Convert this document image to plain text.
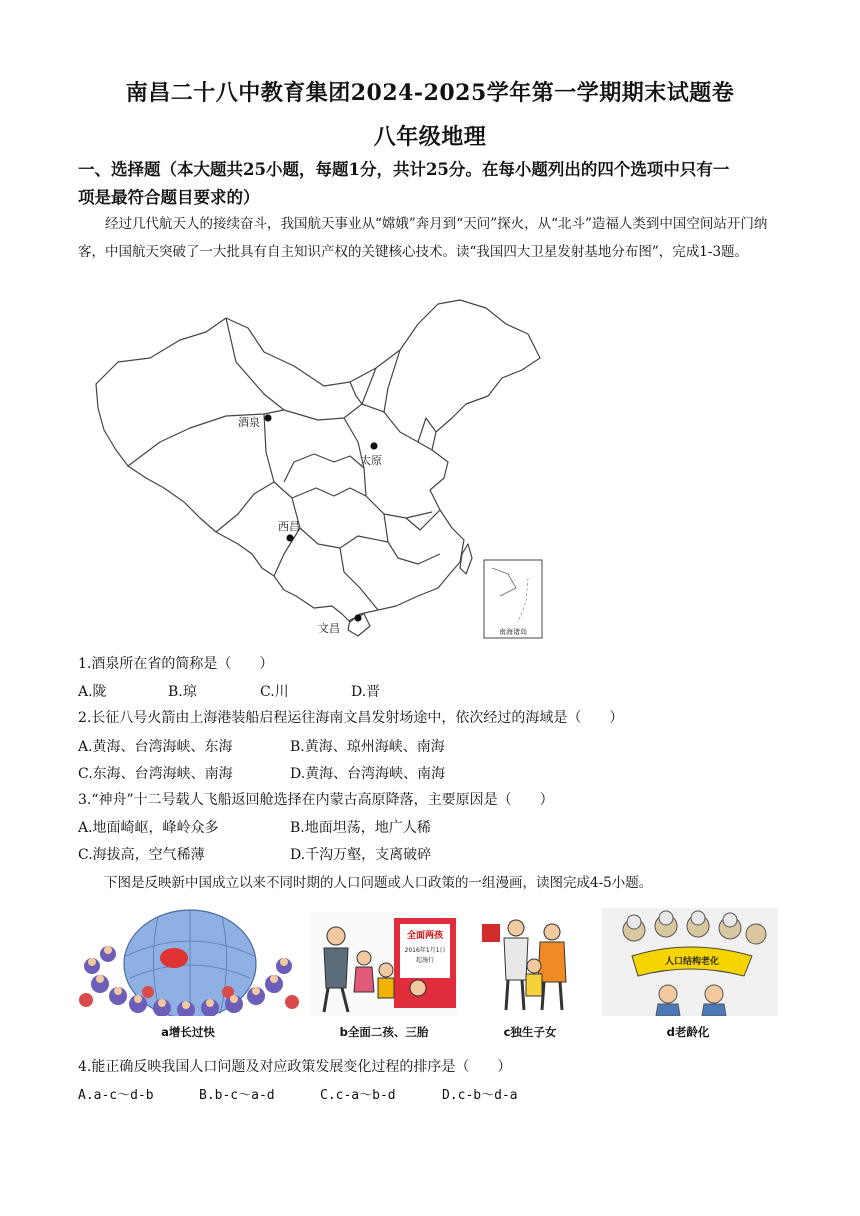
南昌二十八中教育集团2024-2025学年第一学期期末试题卷
八年级地理
一、选择题（本大题共25小题，每题1分，共计25分。在每小题列出的四个选项中只有一
项是最符合题目要求的）
经过几代航天人的接续奋斗，我国航天事业从“嫦娥”奔月到“天问”探火，从“北斗”造福人类到中国空间站开门纳客，中国航天突破了一大批具有自主知识产权的关键核心技术。读“我国四大卫星发射基地分布图”，完成1-3题。
南海诸岛
酒泉
太原
西昌
文昌
1.酒泉所在省的简称是（　　）
A.陇	B.琼	C.川	D.晋
2.长征八号火箭由上海港装船启程运往海南文昌发射场途中，依次经过的海域是（　　）
A.黄海、台湾海峡、东海	B.黄海、琼州海峡、南海
C.东海、台湾海峡、南海	D.黄海、台湾海峡、南海
3.“神舟”十二号载人飞船返回舱选择在内蒙古高原降落，主要原因是（　　）
A.地面崎岖，峰岭众多	B.地面坦荡，地广人稀
C.海拔高，空气稀薄	D.千沟万壑，支离破碎
下图是反映新中国成立以来不同时期的人口问题或人口政策的一组漫画，读图完成4-5小题。
a增长过快
全面两孩
2016年1月1日
起施行
b全面二孩、三胎	c独生子女
人口结构老化
d老龄化
4.能正确反映我国人口问题及对应政策发展变化过程的排序是（　　）
A.a-c～d-b	B.b-c～a-d	C.c-a～b-d	D.c-b～d-a
